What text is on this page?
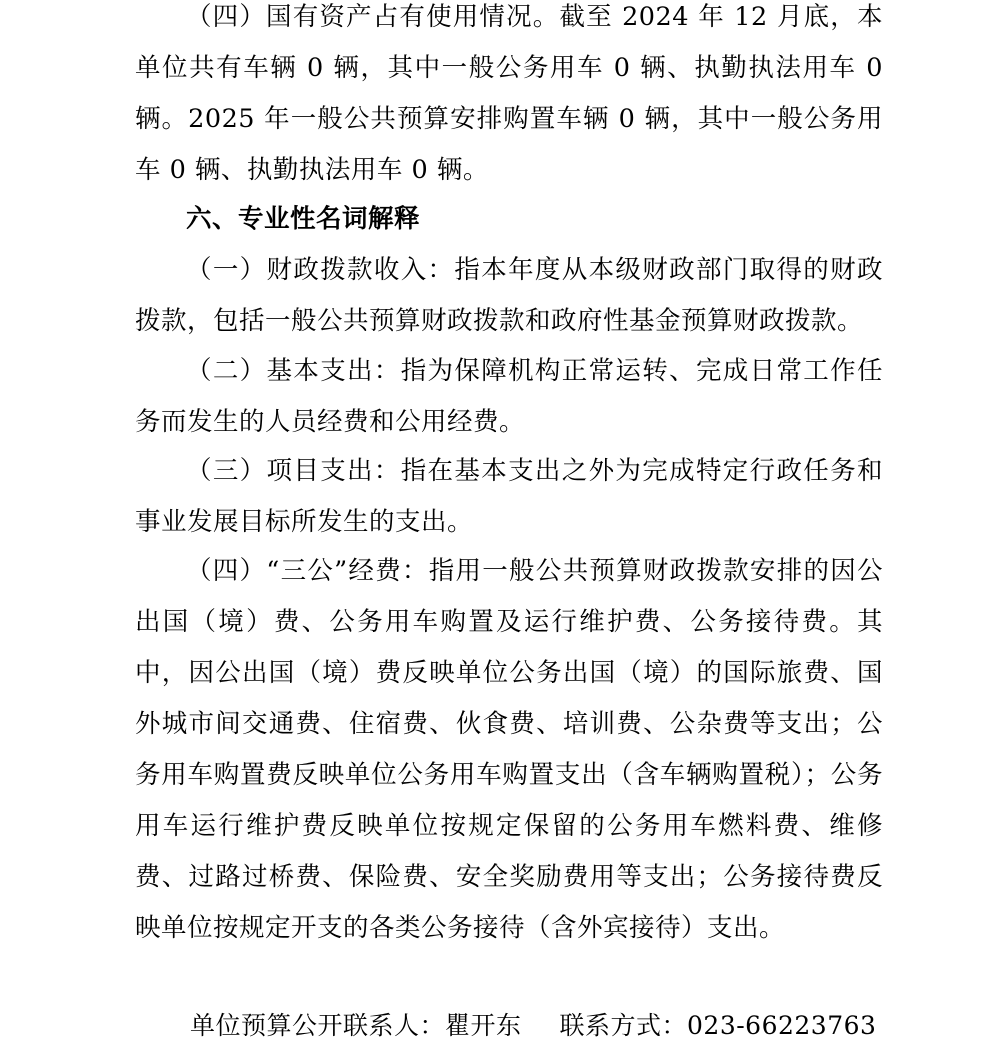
（四）国有资产占有使用情况。截至 2024 年 12 月底，本单位共有车辆 0 辆，其中一般公务用车 0 辆、执勤执法用车 0 辆。2025 年一般公共预算安排购置车辆 0 辆，其中一般公务用车 0 辆、执勤执法用车 0 辆。

六、专业性名词解释

（一）财政拨款收入：指本年度从本级财政部门取得的财政拨款，包括一般公共预算财政拨款和政府性基金预算财政拨款。

（二）基本支出：指为保障机构正常运转、完成日常工作任务而发生的人员经费和公用经费。

（三）项目支出：指在基本支出之外为完成特定行政任务和事业发展目标所发生的支出。

（四）“三公”经费：指用一般公共预算财政拨款安排的因公出国（境）费、公务用车购置及运行维护费、公务接待费。其中，因公出国（境）费反映单位公务出国（境）的国际旅费、国外城市间交通费、住宿费、伙食费、培训费、公杂费等支出；公务用车购置费反映单位公务用车购置支出（含车辆购置税）；公务用车运行维护费反映单位按规定保留的公务用车燃料费、维修费、过路过桥费、保险费、安全奖励费用等支出；公务接待费反映单位按规定开支的各类公务接待（含外宾接待）支出。

单位预算公开联系人：瞿开东 联系方式：023-66223763
